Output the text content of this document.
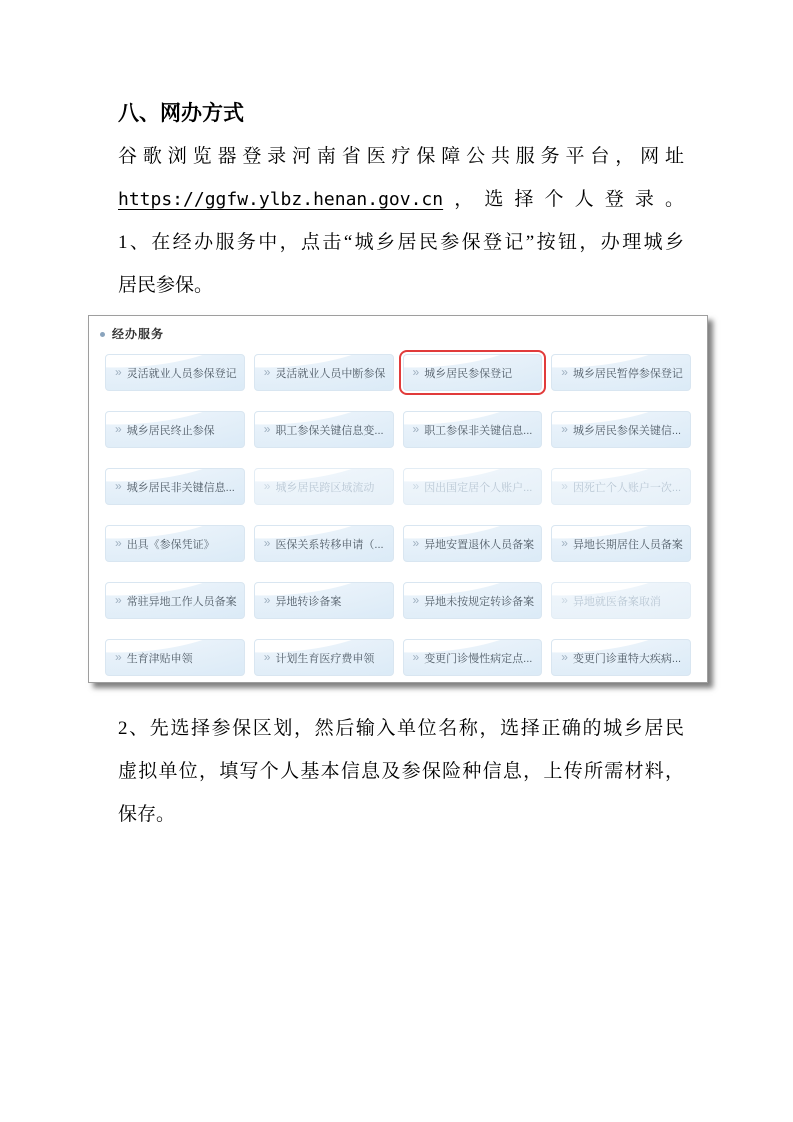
八、网办方式

谷歌浏览器登录河南省医疗保障公共服务平台，网址

https://ggfw.ylbz.henan.gov.cn，选择个人登录。

1、在经办服务中，点击“城乡居民参保登记”按钮，办理城乡

居民参保。

经办服务
» 灵活就业人员参保登记 » 灵活就业人员中断参保 » 城乡居民参保登记	» 城乡居民暂停参保登记
» 城乡居民终止参保	» 职工参保关键信息变... » 职工参保非关键信息... » 城乡居民参保关键信...
» 城乡居民非关键信息... » 城乡居民跨区域流动	» 因出国定居个人账户... » 因死亡个人账户一次...
» 出具《参保凭证》	» 医保关系转移申请（... » 异地安置退休人员备案 » 异地长期居住人员备案
» 常驻异地工作人员备案 » 异地转诊备案	» 异地未按规定转诊备案 » 异地就医备案取消
» 生育津贴申领	» 计划生育医疗费申领	» 变更门诊慢性病定点... » 变更门诊重特大疾病...

2、先选择参保区划，然后输入单位名称，选择正确的城乡居民

虚拟单位，填写个人基本信息及参保险种信息，上传所需材料，

保存。
